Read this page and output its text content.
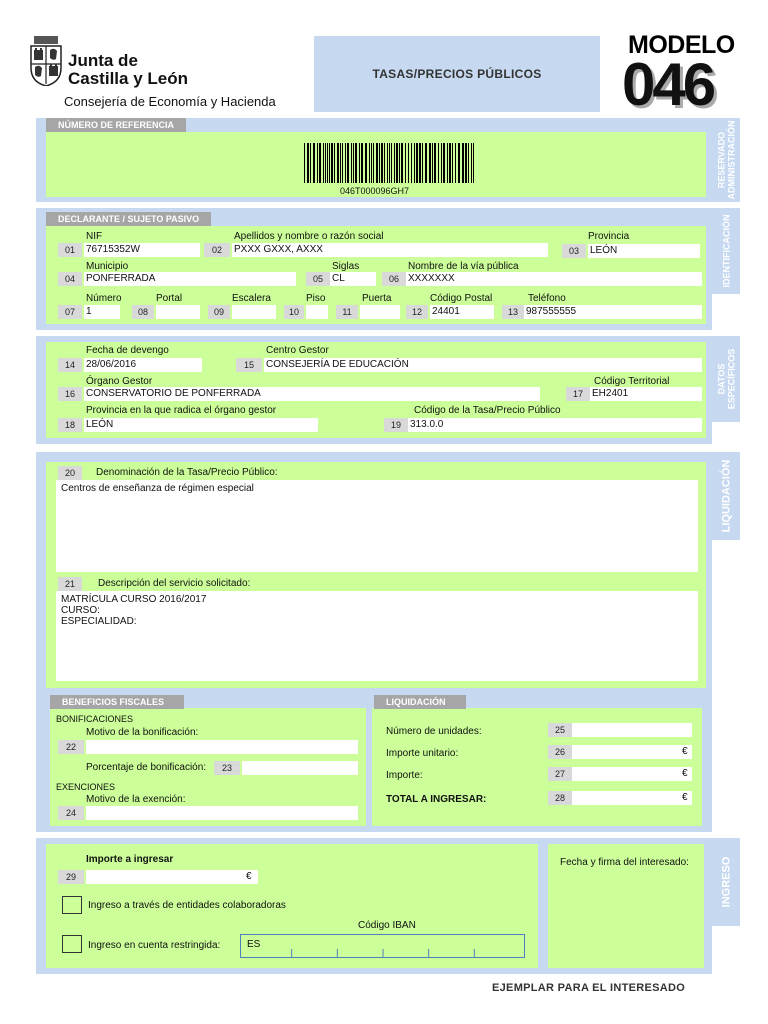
Junta de
Castilla y León
Consejería de Economía y Hacienda
TASAS/PRECIOS PÚBLICOS
MODELO
046
RESERVADO ADMINISTRACIÓN
NÚMERO DE REFERENCIA
046T000096GH7
IDENTIFICACIÓN
DECLARANTE / SUJETO PASIVO
NIF
01	76715352W
Apellidos y nombre o razón social
02	PXXX GXXX, AXXX
Provincia
03	LEÓN
Municipio
04	PONFERRADA
Siglas
05 CL
Nombre de la vía pública
06 XXXXXXX
Número
07	1
Portal
08
Escalera
09
Piso
10
Puerta
11
Código Postal
12	24401
Teléfono
13 987555555
DATOS ESPECÍFICOS
Fecha de devengo
14	28/06/2016
Centro Gestor
15	CONSEJERÍA DE EDUCACIÓN
Órgano Gestor
16	CONSERVATORIO DE PONFERRADA
Código Territorial
17 EH2401
Provincia en la que radica el órgano gestor
18	LEÓN
Código de la Tasa/Precio Público
19 313.0.0
LIQUIDACIÓN
20	Denominación de la Tasa/Precio Público:
Centros de enseñanza de régimen especial
21	Descripción del servicio solicitado:
MATRÍCULA CURSO 2016/2017
CURSO:
ESPECIALIDAD:
BENEFICIOS FISCALES
BONIFICACIONES
Motivo de la bonificación:
22
Porcentaje de bonificación:	23
EXENCIONES
Motivo de la exención:
24
LIQUIDACIÓN
Número de unidades:	25
Importe unitario:	26	€
Importe:	27	€
TOTAL A INGRESAR:	28	€
INGRESO
Fecha y firma del interesado:
Importe a ingresar
29	€
Ingreso a través de entidades colaboradoras
Código IBAN
Ingreso en cuenta restringida:	ES
EJEMPLAR PARA EL INTERESADO
